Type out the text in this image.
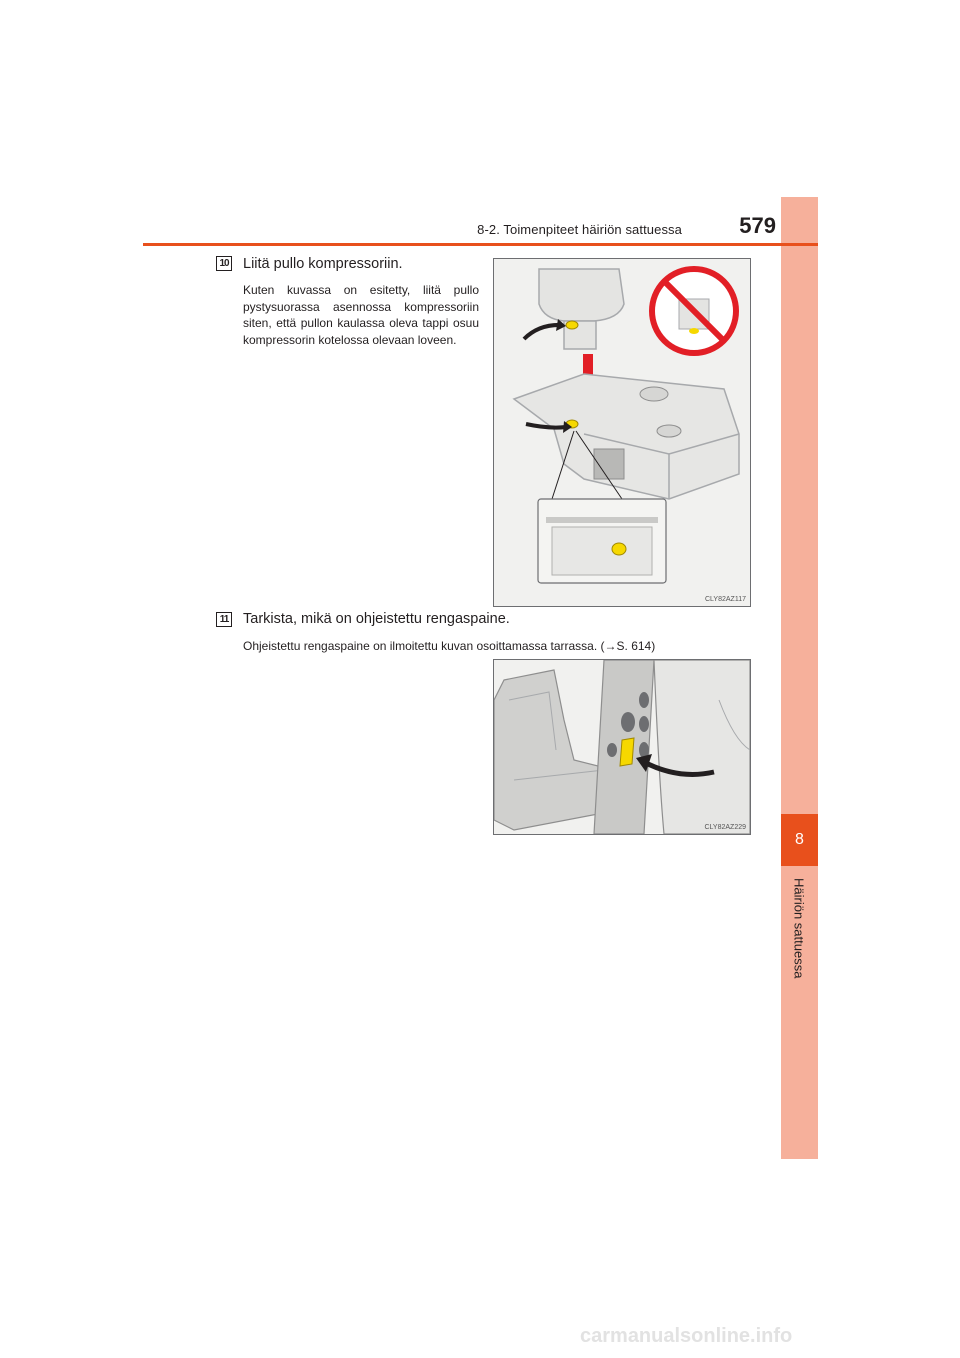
8
Häiriön sattuessa
8-2. Toimenpiteet häiriön sattuessa	579
10 Liitä pullo kompressoriin.
Kuten kuvassa on esitetty, liitä pullo pystysuorassa asennossa kompressoriin siten, että pullon kaulassa oleva tappi osuu kompressorin kotelossa olevaan loveen.
CLY82AZ117
11 Tarkista, mikä on ohjeistettu rengaspaine.
Ohjeistettu rengaspaine on ilmoitettu kuvan osoittamassa tarrassa. (→S. 614)
CLY82AZ229
carmanualsonline.info
